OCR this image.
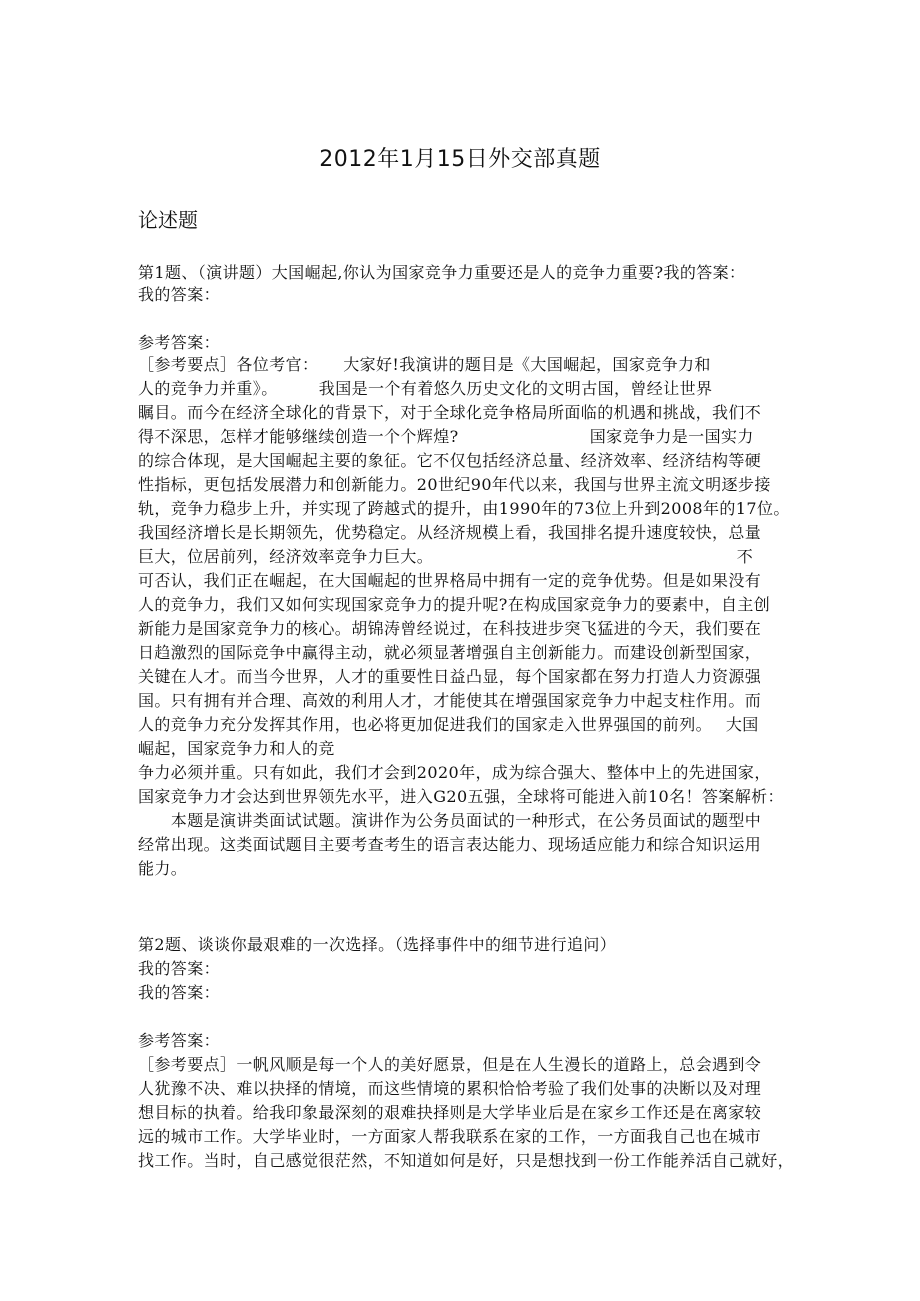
2012年1月15日外交部真题
论述题
第1题、（演讲题）大国崛起,你认为国家竞争力重要还是人的竞争力重要?我的答案：
我的答案：
参考答案：
［参考要点］各位考官：　　大家好!我演讲的题目是《大国崛起，国家竞争力和
人的竞争力并重》。　　　我国是一个有着悠久历史文化的文明古国，曾经让世界
瞩目。而今在经济全球化的背景下，对于全球化竞争格局所面临的机遇和挑战，我们不
得不深思，怎样才能够继续创造一个个辉煌?　　　　　　　　国家竞争力是一国实力
的综合体现，是大国崛起主要的象征。它不仅包括经济总量、经济效率、经济结构等硬
性指标，更包括发展潜力和创新能力。20世纪90年代以来，我国与世界主流文明逐步接
轨，竞争力稳步上升，并实现了跨越式的提升，由1990年的73位上升到2008年的17位。
我国经济增长是长期领先，优势稳定。从经济规模上看，我国排名提升速度较快，总量
巨大，位居前列，经济效率竞争力巨大。　　　　　　　　　　　　　　　　　　　不
可否认，我们正在崛起，在大国崛起的世界格局中拥有一定的竞争优势。但是如果没有
人的竞争力，我们又如何实现国家竞争力的提升呢?在构成国家竞争力的要素中，自主创
新能力是国家竞争力的核心。胡锦涛曾经说过，在科技进步突飞猛进的今天，我们要在
日趋激烈的国际竞争中赢得主动，就必须显著增强自主创新能力。而建设创新型国家，
关键在人才。而当今世界，人才的重要性日益凸显，每个国家都在努力打造人力资源强
国。只有拥有并合理、高效的利用人才，才能使其在增强国家竞争力中起支柱作用。而
人的竞争力充分发挥其作用，也必将更加促进我们的国家走入世界强国的前列。　 大国
崛起，国家竞争力和人的竞
争力必须并重。只有如此，我们才会到2020年，成为综合强大、整体中上的先进国家，
国家竞争力才会达到世界领先水平，进入G20五强，全球将可能进入前10名！答案解析：
　　本题是演讲类面试试题。演讲作为公务员面试的一种形式，在公务员面试的题型中
经常出现。这类面试题目主要考查考生的语言表达能力、现场适应能力和综合知识运用
能力。
第2题、谈谈你最艰难的一次选择。（选择事件中的细节进行追问）
我的答案：
我的答案：
参考答案：
［参考要点］一帆风顺是每一个人的美好愿景，但是在人生漫长的道路上，总会遇到令
人犹豫不决、难以抉择的情境，而这些情境的累积恰恰考验了我们处事的决断以及对理
想目标的执着。给我印象最深刻的艰难抉择则是大学毕业后是在家乡工作还是在离家较
远的城市工作。大学毕业时，一方面家人帮我联系在家的工作，一方面我自己也在城市
找工作。当时，自己感觉很茫然，不知道如何是好，只是想找到一份工作能养活自己就好，
